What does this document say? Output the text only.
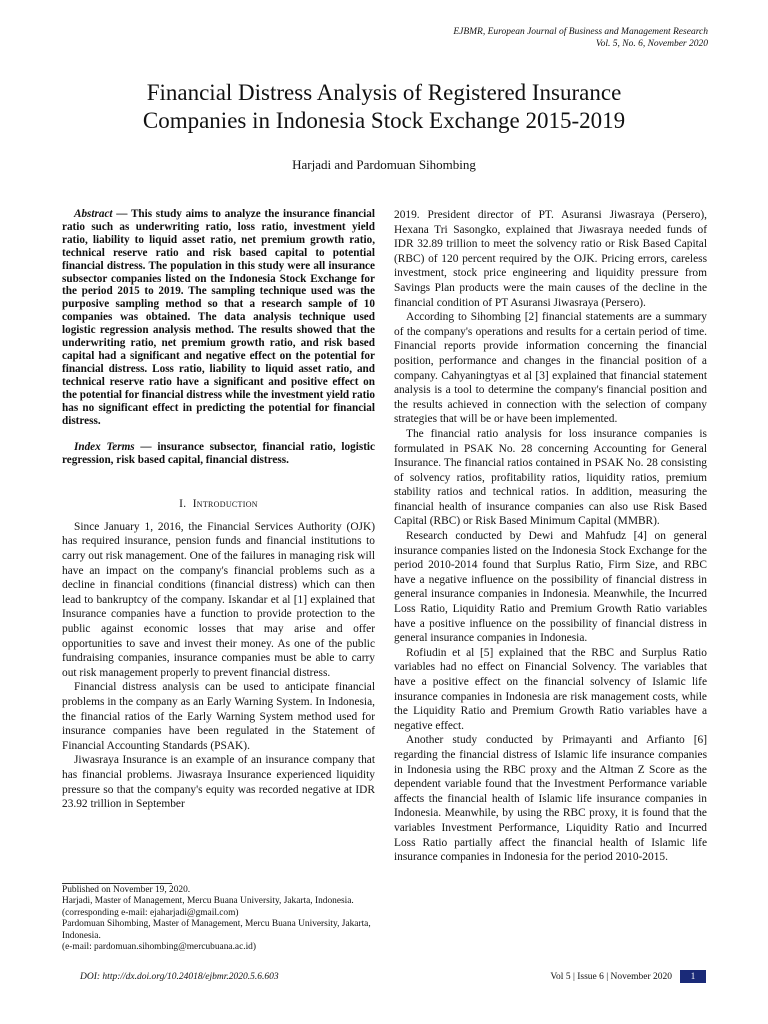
EJBMR, European Journal of Business and Management Research
Vol. 5, No. 6, November 2020
Financial Distress Analysis of Registered Insurance
Companies in Indonesia Stock Exchange 2015-2019
Harjadi and Pardomuan Sihombing

Abstract — This study aims to analyze the insurance financial ratio such as underwriting ratio, loss ratio, investment yield ratio, liability to liquid asset ratio, net premium growth ratio, technical reserve ratio and risk based capital to potential financial distress. The population in this study were all insurance subsector companies listed on the Indonesia Stock Exchange for the period 2015 to 2019. The sampling technique used was the purposive sampling method so that a research sample of 10 companies was obtained. The data analysis technique used logistic regression analysis method. The results showed that the underwriting ratio, net premium growth ratio, and risk based capital had a significant and negative effect on the potential for financial distress. Loss ratio, liability to liquid asset ratio, and technical reserve ratio have a significant and positive effect on the potential for financial distress while the investment yield ratio has no significant effect in predicting the potential for financial distress.

Index Terms — insurance subsector, financial ratio, logistic regression, risk based capital, financial distress.

I. Introduction

Since January 1, 2016, the Financial Services Authority (OJK) has required insurance, pension funds and financial institutions to carry out risk management. One of the failures in managing risk will have an impact on the company's financial problems such as a decline in financial conditions (financial distress) which can then lead to bankruptcy of the company. Iskandar et al [1] explained that Insurance companies have a function to provide protection to the public against economic losses that may arise and offer opportunities to save and invest their money. As one of the public fundraising companies, insurance companies must be able to carry out risk management properly to prevent financial distress.

Financial distress analysis can be used to anticipate financial problems in the company as an Early Warning System. In Indonesia, the financial ratios of the Early Warning System method used for insurance companies have been regulated in the Statement of Financial Accounting Standards (PSAK).

Jiwasraya Insurance is an example of an insurance company that has financial problems. Jiwasraya Insurance experienced liquidity pressure so that the company's equity was recorded negative at IDR 23.92 trillion in September

2019. President director of PT. Asuransi Jiwasraya (Persero), Hexana Tri Sasongko, explained that Jiwasraya needed funds of IDR 32.89 trillion to meet the solvency ratio or Risk Based Capital (RBC) of 120 percent required by the OJK. Pricing errors, careless investment, stock price engineering and liquidity pressure from Savings Plan products were the main causes of the decline in the financial condition of PT Asuransi Jiwasraya (Persero).

According to Sihombing [2] financial statements are a summary of the company's operations and results for a certain period of time. Financial reports provide information concerning the financial position, performance and changes in the financial position of a company. Cahyaningtyas et al [3] explained that financial statement analysis is a tool to determine the company's financial position and the results achieved in connection with the selection of company strategies that will be or have been implemented.

The financial ratio analysis for loss insurance companies is formulated in PSAK No. 28 concerning Accounting for General Insurance. The financial ratios contained in PSAK No. 28 consisting of solvency ratios, profitability ratios, liquidity ratios, premium stability ratios and technical ratios. In addition, measuring the financial health of insurance companies can also use Risk Based Capital (RBC) or Risk Based Minimum Capital (MMBR).

Research conducted by Dewi and Mahfudz [4] on general insurance companies listed on the Indonesia Stock Exchange for the period 2010-2014 found that Surplus Ratio, Firm Size, and RBC have a negative influence on the possibility of financial distress in general insurance companies in Indonesia. Meanwhile, the Incurred Loss Ratio, Liquidity Ratio and Premium Growth Ratio variables have a positive influence on the possibility of financial distress in general insurance companies in Indonesia.

Rofiudin et al [5] explained that the RBC and Surplus Ratio variables had no effect on Financial Solvency. The variables that have a positive effect on the financial solvency of Islamic life insurance companies in Indonesia are risk management costs, while the Liquidity Ratio and Premium Growth Ratio variables have a negative effect.

Another study conducted by Primayanti and Arfianto [6] regarding the financial distress of Islamic life insurance companies in Indonesia using the RBC proxy and the Altman Z Score as the dependent variable found that the Investment Performance variable affects the financial health of Islamic life insurance companies in Indonesia. Meanwhile, by using the RBC proxy, it is found that the variables Investment Performance, Liquidity Ratio and Incurred Loss Ratio partially affect the financial health of Islamic life insurance companies in Indonesia for the period 2010-2015.

Published on November 19, 2020.
Harjadi, Master of Management, Mercu Buana University, Jakarta, Indonesia.
(corresponding e-mail: ejaharjadi@gmail.com)
Pardomuan Sihombing, Master of Management, Mercu Buana University, Jakarta, Indonesia.
(e-mail: pardomuan.sihombing@mercubuana.ac.id)
DOI: http://dx.doi.org/10.24018/ejbmr.2020.5.6.603	Vol 5 | Issue 6 | November 2020	1
